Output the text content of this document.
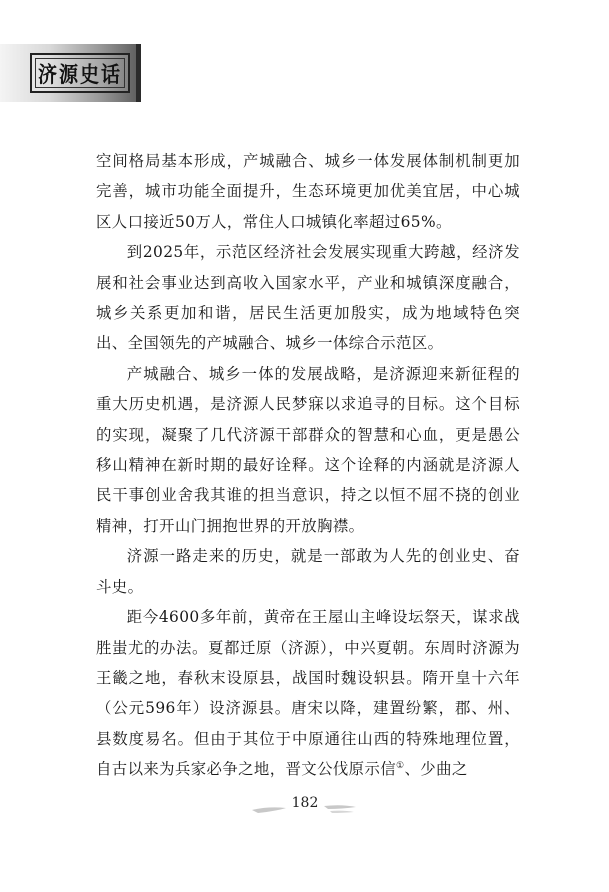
济源史话

空间格局基本形成，产城融合、城乡一体发展体制机制更加完善，城市功能全面提升，生态环境更加优美宜居，中心城区人口接近50万人，常住人口城镇化率超过65%。

到2025年，示范区经济社会发展实现重大跨越，经济发展和社会事业达到高收入国家水平，产业和城镇深度融合，城乡关系更加和谐，居民生活更加殷实，成为地域特色突出、全国领先的产城融合、城乡一体综合示范区。

产城融合、城乡一体的发展战略，是济源迎来新征程的重大历史机遇，是济源人民梦寐以求追寻的目标。这个目标的实现，凝聚了几代济源干部群众的智慧和心血，更是愚公移山精神在新时期的最好诠释。这个诠释的内涵就是济源人民干事创业舍我其谁的担当意识，持之以恒不屈不挠的创业精神，打开山门拥抱世界的开放胸襟。

济源一路走来的历史，就是一部敢为人先的创业史、奋斗史。

距今4600多年前，黄帝在王屋山主峰设坛祭天，谋求战胜蚩尤的办法。夏都迁原（济源），中兴夏朝。东周时济源为王畿之地，春秋末设原县，战国时魏设轵县。隋开皇十六年（公元596年）设济源县。唐宋以降，建置纷繁，郡、州、县数度易名。但由于其位于中原通往山西的特殊地理位置，自古以来为兵家必争之地，晋文公伐原示信①、少曲之

182
